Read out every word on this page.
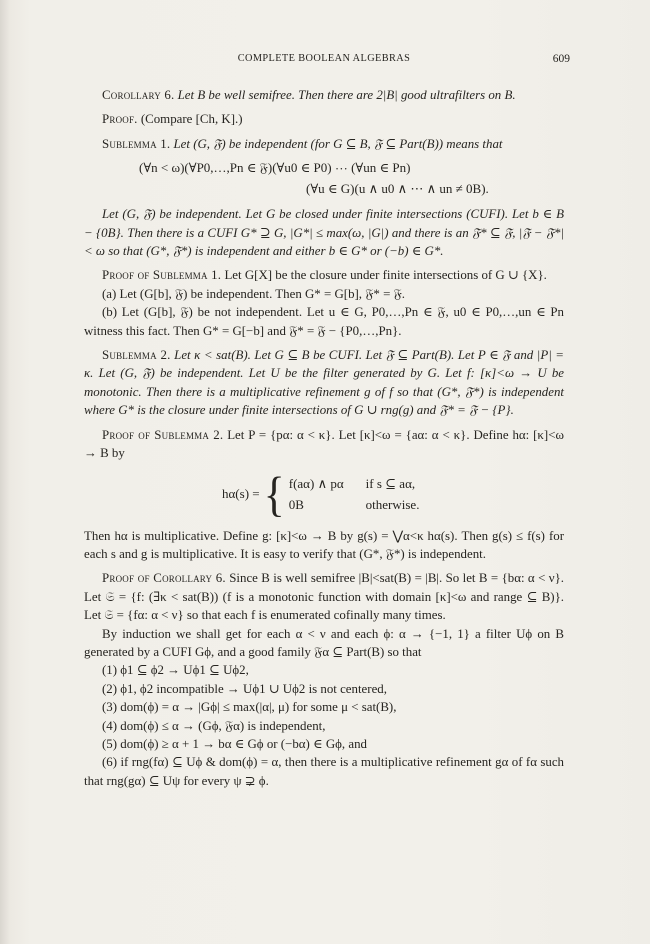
COMPLETE BOOLEAN ALGEBRAS	609

Corollary 6. Let B be well semifree. Then there are 2|B| good ultrafilters on B.

Proof. (Compare [Ch, K].)

Sublemma 1. Let (G, 𝔉) be independent (for G ⊆ B, 𝔉 ⊆ Part(B)) means that

(∀n < ω)(∀P0,…,Pn ∈ 𝔉)(∀u0 ∈ P0) ⋯ (∀un ∈ Pn)
(∀u ∈ G)(u ∧ u0 ∧ ⋯ ∧ un ≠ 0B).

Let (G, 𝔉) be independent. Let G be closed under finite intersections (CUFI). Let b ∈ B − {0B}. Then there is a CUFI G* ⊇ G, |G*| ≤ max(ω, |G|) and there is an 𝔉* ⊆ 𝔉, |𝔉 − 𝔉*| < ω so that (G*, 𝔉*) is independent and either b ∈ G* or (−b) ∈ G*.

Proof of Sublemma 1. Let G[X] be the closure under finite intersections of G ∪ {X}.

(a) Let (G[b], 𝔉) be independent. Then G* = G[b], 𝔉* = 𝔉.

(b) Let (G[b], 𝔉) be not independent. Let u ∈ G, P0,…,Pn ∈ 𝔉, u0 ∈ P0,…,un ∈ Pn witness this fact. Then G* = G[−b] and 𝔉* = 𝔉 − {P0,…,Pn}.

Sublemma 2. Let κ < sat(B). Let G ⊆ B be CUFI. Let 𝔉 ⊆ Part(B). Let P ∈ 𝔉 and |P| = κ. Let (G, 𝔉) be independent. Let U be the filter generated by G. Let f: [κ]<ω → U be monotonic. Then there is a multiplicative refinement g of f so that (G*, 𝔉*) is independent where G* is the closure under finite intersections of G ∪ rng(g) and 𝔉* = 𝔉 − {P}.

Proof of Sublemma 2. Let P = {pα: α < κ}. Let [κ]<ω = {aα: α < κ}. Define hα: [κ]<ω → B by

hα(s) = { f(aα) ∧ pα if s ⊆ aα,
0B	otherwise.

Then hα is multiplicative. Define g: [κ]<ω → B by g(s) = ⋁α<κ hα(s). Then g(s) ≤ f(s) for each s and g is multiplicative. It is easy to verify that (G*, 𝔉*) is independent.

Proof of Corollary 6. Since B is well semifree |B|<sat(B) = |B|. So let B = {bα: α < ν}. Let 𝔖 = {f: (∃κ < sat(B)) (f is a monotonic function with domain [κ]<ω and range ⊆ B)}. Let 𝔖 = {fα: α < ν} so that each f is enumerated cofinally many times.

By induction we shall get for each α < ν and each ϕ: α → {−1, 1} a filter Uϕ on B generated by a CUFI Gϕ, and a good family 𝔉α ⊆ Part(B) so that

(1) ϕ1 ⊆ ϕ2 → Uϕ1 ⊆ Uϕ2,

(2) ϕ1, ϕ2 incompatible → Uϕ1 ∪ Uϕ2 is not centered,

(3) dom(ϕ) = α → |Gϕ| ≤ max(|α|, μ) for some μ < sat(B),

(4) dom(ϕ) ≤ α → (Gϕ, 𝔉α) is independent,

(5) dom(ϕ) ≥ α + 1 → bα ∈ Gϕ or (−bα) ∈ Gϕ, and

(6) if rng(fα) ⊆ Uϕ & dom(ϕ) = α, then there is a multiplicative refinement gα of fα such that rng(gα) ⊆ Uψ for every ψ ⊋ ϕ.
